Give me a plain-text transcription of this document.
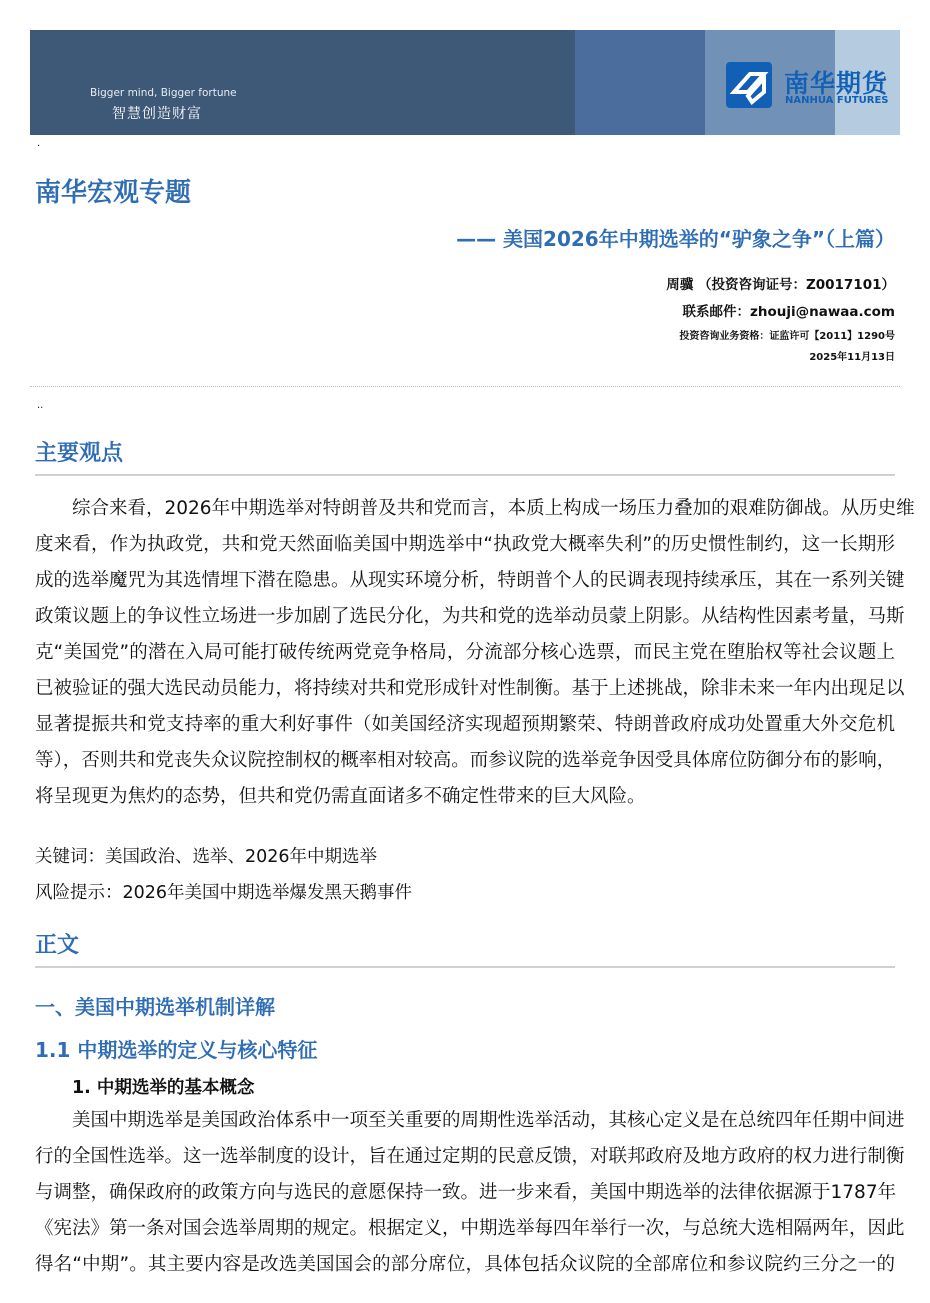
Bigger mind, Bigger fortune
智慧创造财富
南华期货
NANHUA FUTURES
.
南华宏观专题
—— 美国2026年中期选举的“驴象之争”（上篇）
周骥 （投资咨询证号：Z0017101）
联系邮件：zhouji@nawaa.com
投资咨询业务资格：证监许可【2011】1290号
2025年11月13日
..
主要观点
综合来看，2026年中期选举对特朗普及共和党而言，本质上构成一场压力叠加的艰难防御战。从历史维
度来看，作为执政党，共和党天然面临美国中期选举中“执政党大概率失利”的历史惯性制约，这一长期形
成的选举魔咒为其选情埋下潜在隐患。从现实环境分析，特朗普个人的民调表现持续承压，其在一系列关键
政策议题上的争议性立场进一步加剧了选民分化，为共和党的选举动员蒙上阴影。从结构性因素考量，马斯
克“美国党”的潜在入局可能打破传统两党竞争格局，分流部分核心选票，而民主党在堕胎权等社会议题上
已被验证的强大选民动员能力，将持续对共和党形成针对性制衡。基于上述挑战，除非未来一年内出现足以
显著提振共和党支持率的重大利好事件（如美国经济实现超预期繁荣、特朗普政府成功处置重大外交危机
等），否则共和党丧失众议院控制权的概率相对较高。而参议院的选举竞争因受具体席位防御分布的影响，
将呈现更为焦灼的态势，但共和党仍需直面诸多不确定性带来的巨大风险。
关键词：美国政治、选举、2026年中期选举
风险提示：2026年美国中期选举爆发黑天鹅事件
正文
一、美国中期选举机制详解
1.1 中期选举的定义与核心特征
1. 中期选举的基本概念
美国中期选举是美国政治体系中一项至关重要的周期性选举活动，其核心定义是在总统四年任期中间进
行的全国性选举。这一选举制度的设计，旨在通过定期的民意反馈，对联邦政府及地方政府的权力进行制衡
与调整，确保政府的政策方向与选民的意愿保持一致。进一步来看，美国中期选举的法律依据源于1787年
《宪法》第一条对国会选举周期的规定。根据定义，中期选举每四年举行一次，与总统大选相隔两年，因此
得名“中期”。其主要内容是改选美国国会的部分席位，具体包括众议院的全部席位和参议院约三分之一的
